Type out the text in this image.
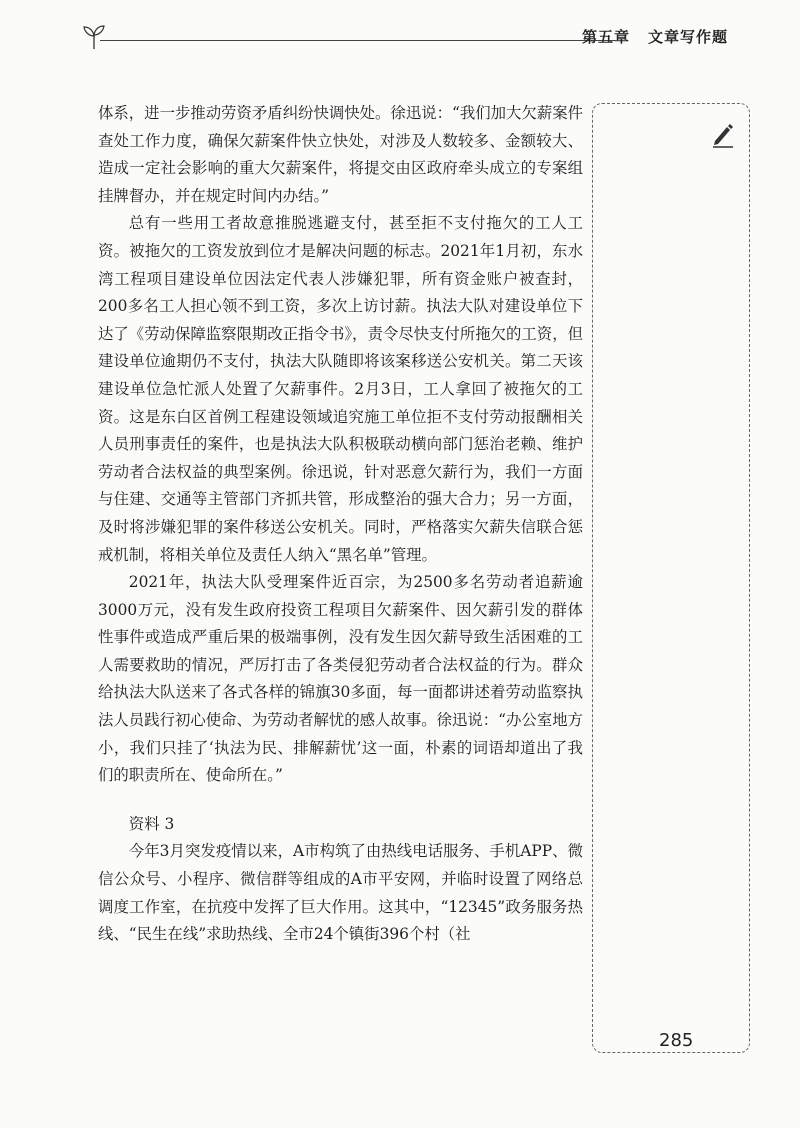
第五章 文章写作题

体系，进一步推动劳资矛盾纠纷快调快处。徐迅说：“我们加大欠薪案件查处工作力度，确保欠薪案件快立快处，对涉及人数较多、金额较大、造成一定社会影响的重大欠薪案件，将提交由区政府牵头成立的专案组挂牌督办，并在规定时间内办结。”

总有一些用工者故意推脱逃避支付，甚至拒不支付拖欠的工人工资。被拖欠的工资发放到位才是解决问题的标志。2021年1月初，东水湾工程项目建设单位因法定代表人涉嫌犯罪，所有资金账户被查封，200多名工人担心领不到工资，多次上访讨薪。执法大队对建设单位下达了《劳动保障监察限期改正指令书》，责令尽快支付所拖欠的工资，但建设单位逾期仍不支付，执法大队随即将该案移送公安机关。第二天该建设单位急忙派人处置了欠薪事件。2月3日，工人拿回了被拖欠的工资。这是东白区首例工程建设领域追究施工单位拒不支付劳动报酬相关人员刑事责任的案件，也是执法大队积极联动横向部门惩治老赖、维护劳动者合法权益的典型案例。徐迅说，针对恶意欠薪行为，我们一方面与住建、交通等主管部门齐抓共管，形成整治的强大合力；另一方面，及时将涉嫌犯罪的案件移送公安机关。同时，严格落实欠薪失信联合惩戒机制，将相关单位及责任人纳入“黑名单”管理。

2021年，执法大队受理案件近百宗，为2500多名劳动者追薪逾3000万元，没有发生政府投资工程项目欠薪案件、因欠薪引发的群体性事件或造成严重后果的极端事例，没有发生因欠薪导致生活困难的工人需要救助的情况，严厉打击了各类侵犯劳动者合法权益的行为。群众给执法大队送来了各式各样的锦旗30多面，每一面都讲述着劳动监察执法人员践行初心使命、为劳动者解忧的感人故事。徐迅说：“办公室地方小，我们只挂了‘执法为民、排解薪忧’这一面，朴素的词语却道出了我们的职责所在、使命所在。”

资料 3

今年3月突发疫情以来，A市构筑了由热线电话服务、手机APP、微信公众号、小程序、微信群等组成的A市平安网，并临时设置了网络总调度工作室，在抗疫中发挥了巨大作用。这其中，“12345”政务服务热线、“民生在线”求助热线、全市24个镇街396个村（社

285
